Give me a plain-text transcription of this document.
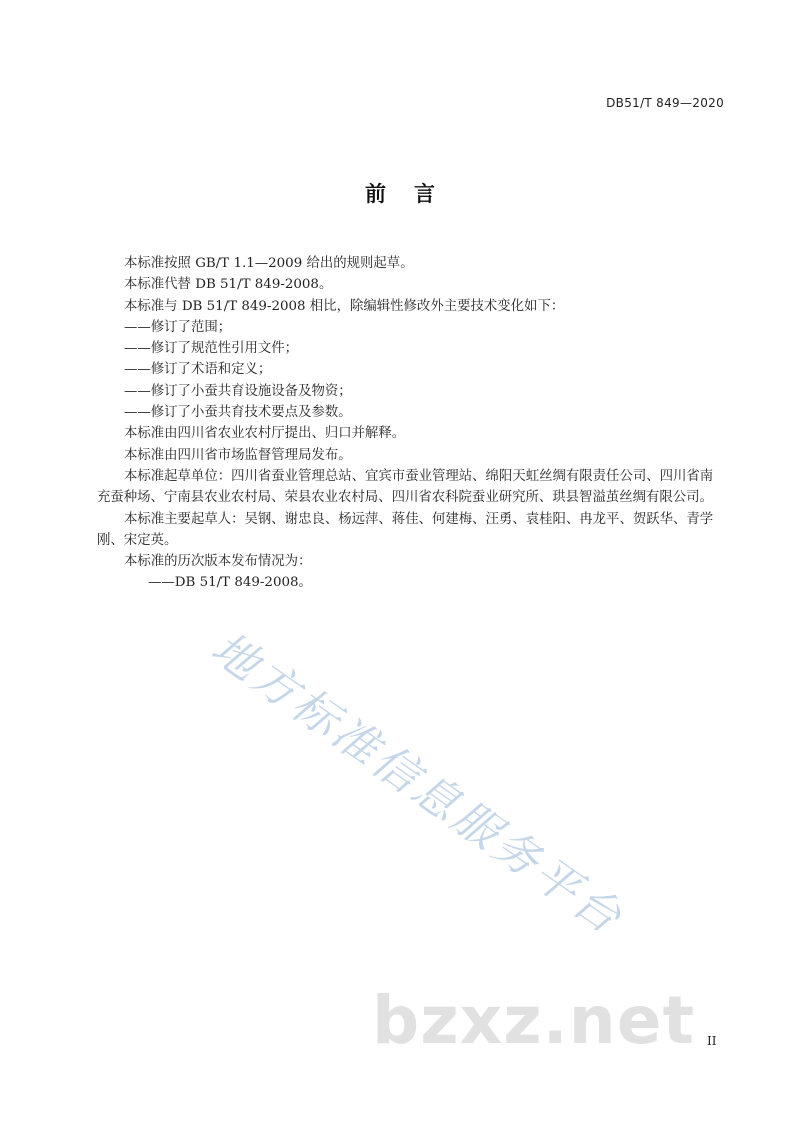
DB51/T 849—2020
前言

本标准按照 GB/T 1.1—2009 给出的规则起草。

本标准代替 DB 51/T 849-2008。

本标准与 DB 51/T 849-2008 相比，除编辑性修改外主要技术变化如下：

——修订了范围；

——修订了规范性引用文件；

——修订了术语和定义；

——修订了小蚕共育设施设备及物资；

——修订了小蚕共育技术要点及参数。

本标准由四川省农业农村厅提出、归口并解释。

本标准由四川省市场监督管理局发布。

本标准起草单位：四川省蚕业管理总站、宜宾市蚕业管理站、绵阳天虹丝绸有限责任公司、四川省南充蚕种场、宁南县农业农村局、荣县农业农村局、四川省农科院蚕业研究所、珙县智溢茧丝绸有限公司。

本标准主要起草人：吴钢、谢忠良、杨远萍、蒋佳、何建梅、汪勇、袁桂阳、冉龙平、贺跃华、青学刚、宋定英。

本标准的历次版本发布情况为：

——DB 51/T 849-2008。

地方标准信息服务平台
bzxz.net II
